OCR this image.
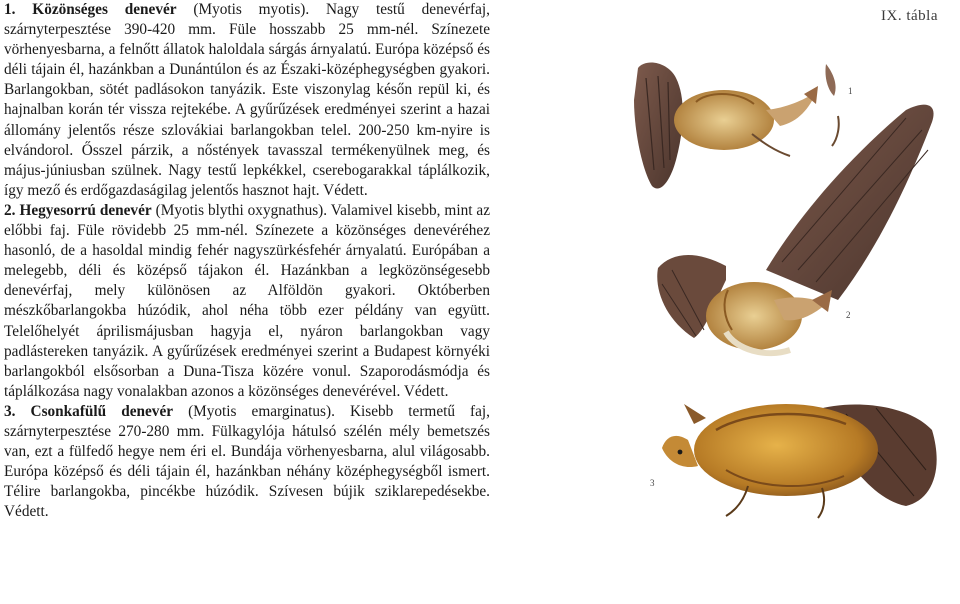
1. Közönséges denevér (Myotis myotis). Nagy testű denevérfaj, szárnyterpesztése 390-420 mm. Füle hosszabb 25 mm-nél. Színezete vörhenyesbarna, a felnőtt állatok haloldala sárgás árnyalatú. Európa középső és déli tájain él, hazánkban a Dunántúlon és az Északi-középhegységben gyakori. Barlangokban, sötét padlásokon tanyázik. Este viszonylag későn repül ki, és hajnalban korán tér vissza rejtekébe. A gyűrűzések eredményei szerint a hazai állomány jelentős része szlovákiai barlangokban telel. 200-250 km-nyire is elvándorol. Ősszel párzik, a nőstények tavasszal termékenyülnek meg, és május-júniusban szülnek. Nagy testű lepkékkel, cserebogarakkal táplálkozik, így mező és erdőgazdaságilag jelentős hasznot hajt. Védett.

2. Hegyesorrú denevér (Myotis blythi oxygnathus). Valamivel kisebb, mint az előbbi faj. Füle rövidebb 25 mm-nél. Színezete a közönséges denevéréhez hasonló, de a hasoldal mindig fehér nagyszürkésfehér árnyalatú. Európában a melegebb, déli és középső tájakon él. Hazánkban a legközönségesebb denevérfaj, mely különösen az Alföldön gyakori. Októberben mészkőbarlangokba húzódik, ahol néha több ezer példány van együtt. Telelőhelyét áprilismájusban hagyja el, nyáron barlangokban vagy padlástereken tanyázik. A gyűrűzések eredményei szerint a Budapest környéki barlangokból elsősorban a Duna-Tisza közére vonul. Szaporodásmódja és táplálkozása nagy vonalakban azonos a közönséges denevérével. Védett.

3. Csonkafülű denevér (Myotis emarginatus). Kisebb termetű faj, szárnyterpesztése 270-280 mm. Fülkagylója hátulsó szélén mély bemetszés van, ezt a fülfedő hegye nem éri el. Bundája vörhenyesbarna, alul világosabb. Európa középső és déli tájain él, hazánkban néhány középhegységből ismert. Télire barlangokba, pincékbe húzódik. Szívesen bújik sziklarepedésekbe. Védett.

IX. tábla
1
2
3
